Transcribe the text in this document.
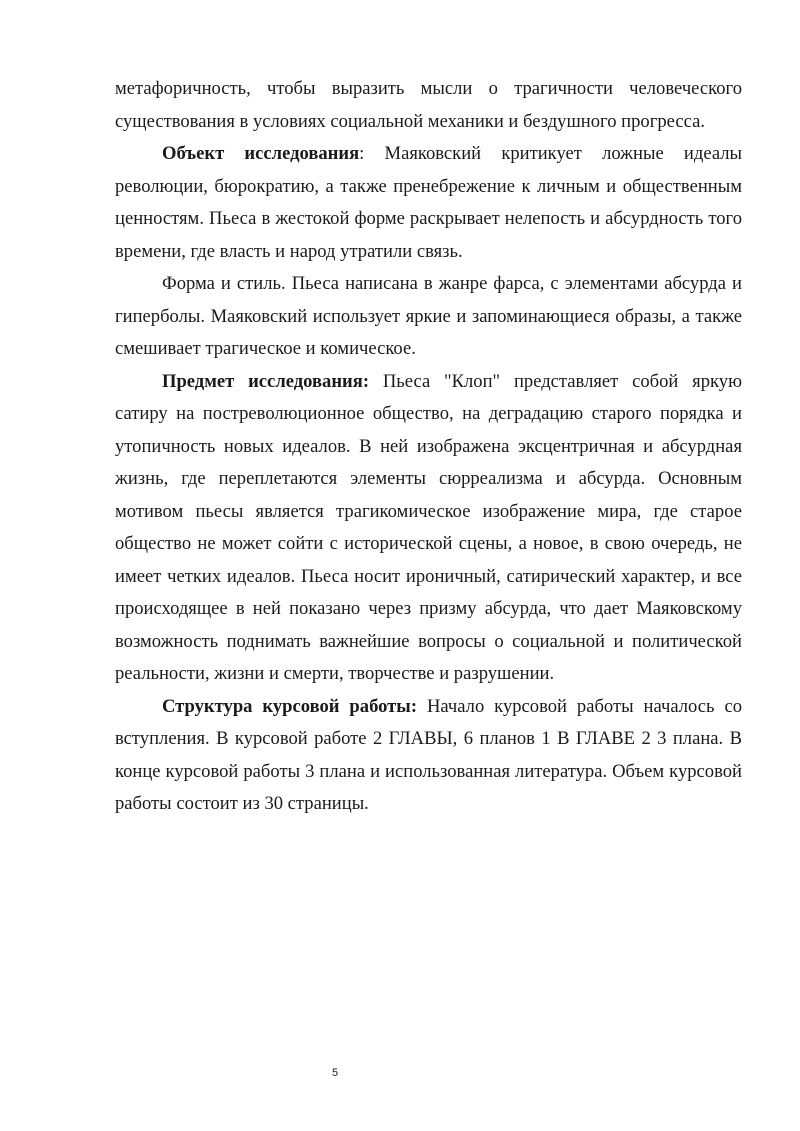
метафоричность, чтобы выразить мысли о трагичности человеческого существования в условиях социальной механики и бездушного прогресса.

Объект исследования: Маяковский критикует ложные идеалы революции, бюрократию, а также пренебрежение к личным и общественным ценностям. Пьеса в жестокой форме раскрывает нелепость и абсурдность того времени, где власть и народ утратили связь.

Форма и стиль. Пьеса написана в жанре фарса, с элементами абсурда и гиперболы. Маяковский использует яркие и запоминающиеся образы, а также смешивает трагическое и комическое.

Предмет исследования: Пьеса "Клоп" представляет собой яркую сатиру на постреволюционное общество, на деградацию старого порядка и утопичность новых идеалов. В ней изображена эксцентричная и абсурдная жизнь, где переплетаются элементы сюрреализма и абсурда. Основным мотивом пьесы является трагикомическое изображение мира, где старое общество не может сойти с исторической сцены, а новое, в свою очередь, не имеет четких идеалов. Пьеса носит ироничный, сатирический характер, и все происходящее в ней показано через призму абсурда, что дает Маяковскому возможность поднимать важнейшие вопросы о социальной и политической реальности, жизни и смерти, творчестве и разрушении.

Структура курсовой работы: Начало курсовой работы началось со вступления. В курсовой работе 2 ГЛАВЫ, 6 планов 1 В ГЛАВЕ 2 3 плана. В конце курсовой работы 3 плана и использованная литература. Объем курсовой работы состоит из 30 страницы.

5
